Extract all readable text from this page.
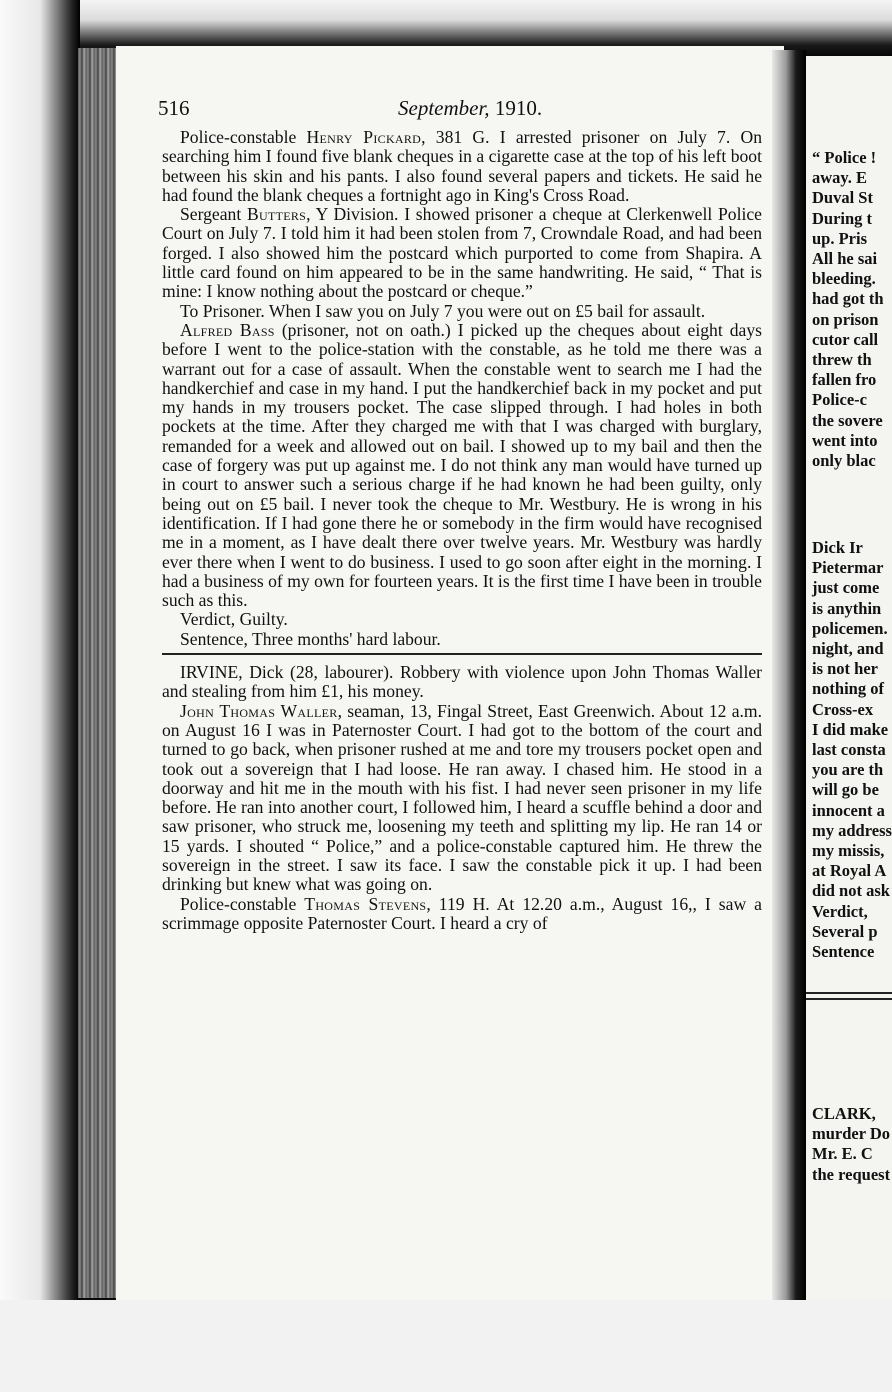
516	September, 1910.

Police-constable Henry Pickard, 381 G. I arrested prisoner on July 7. On searching him I found five blank cheques in a cigarette case at the top of his left boot between his skin and his pants. I also found several papers and tickets. He said he had found the blank cheques a fortnight ago in King's Cross Road.

Sergeant Butters, Y Division. I showed prisoner a cheque at Clerkenwell Police Court on July 7. I told him it had been stolen from 7, Crowndale Road, and had been forged. I also showed him the postcard which purported to come from Shapira. A little card found on him appeared to be in the same handwriting. He said, “ That is mine: I know nothing about the postcard or cheque.”

To Prisoner. When I saw you on July 7 you were out on £5 bail for assault.

Alfred Bass (prisoner, not on oath.) I picked up the cheques about eight days before I went to the police-station with the constable, as he told me there was a warrant out for a case of assault. When the constable went to search me I had the handkerchief and case in my hand. I put the handkerchief back in my pocket and put my hands in my trousers pocket. The case slipped through. I had holes in both pockets at the time. After they charged me with that I was charged with burglary, remanded for a week and allowed out on bail. I showed up to my bail and then the case of forgery was put up against me. I do not think any man would have turned up in court to answer such a serious charge if he had known he had been guilty, only being out on £5 bail. I never took the cheque to Mr. Westbury. He is wrong in his identification. If I had gone there he or somebody in the firm would have recognised me in a moment, as I have dealt there over twelve years. Mr. Westbury was hardly ever there when I went to do business. I used to go soon after eight in the morning. I had a business of my own for fourteen years. It is the first time I have been in trouble such as this.

Verdict, Guilty.

Sentence, Three months' hard labour.

IRVINE, Dick (28, labourer). Robbery with violence upon John Thomas Waller and stealing from him £1, his money.

John Thomas Waller, seaman, 13, Fingal Street, East Greenwich. About 12 a.m. on August 16 I was in Paternoster Court. I had got to the bottom of the court and turned to go back, when prisoner rushed at me and tore my trousers pocket open and took out a sovereign that I had loose. He ran away. I chased him. He stood in a doorway and hit me in the mouth with his fist. I had never seen prisoner in my life before. He ran into another court, I followed him, I heard a scuffle behind a door and saw prisoner, who struck me, loosening my teeth and splitting my lip. He ran 14 or 15 yards. I shouted “ Police,” and a police-constable captured him. He threw the sovereign in the street. I saw its face. I saw the constable pick it up. I had been drinking but knew what was going on.

Police-constable Thomas Stevens, 119 H. At 12.20 a.m., August 16,, I saw a scrimmage opposite Paternoster Court. I heard a cry of

“ Police !
away. E
Duval St
During t
up. Pris
All he sai
bleeding.
had got th
on prison
cutor call
threw th
fallen fro
Police-c
the sovere
went into
only blac
Dick Ir
Pietermar
just come
is anythin
policemen.
night, and
is not her
nothing of
Cross-ex
I did make
last consta
you are th
will go be
innocent a
my address
my missis,
at Royal A
did not ask
Verdict,
Several p
Sentence
CLARK,
murder Do
Mr. E. C
the request
